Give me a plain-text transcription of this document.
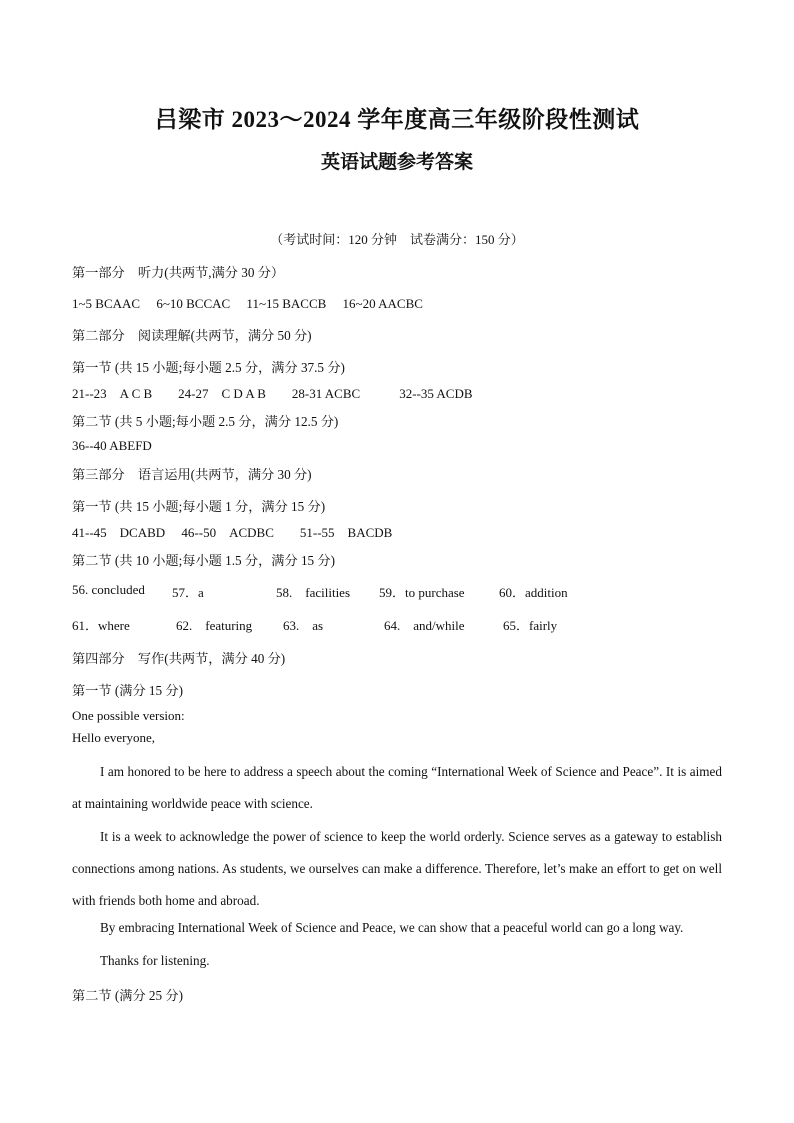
吕梁市 2023～2024 学年度高三年级阶段性测试
英语试题参考答案
（考试时间：120 分钟　试卷满分：150 分）
第一部分　听力(共两节,满分 30 分）
1~5 BCAAC　 6~10 BCCAC　 11~15 BACCB　 16~20 AACBC
第二部分　阅读理解(共两节，满分 50 分)
第一节 (共 15 小题;每小题 2.5 分，满分 37.5 分)
21--23　A C B　　24-27　C D A B　　28-31 ACBC　　　32--35 ACDB
第二节 (共 5 小题;每小题 2.5 分，满分 12.5 分)
36--40 ABEFD
第三部分　语言运用(共两节，满分 30 分)
第一节 (共 15 小题;每小题 1 分，满分 15 分)
41--45　DCABD　 46--50　ACDBC　　51--55　BACDB
第二节 (共 10 小题;每小题 1.5 分，满分 15 分)
56. concluded 57．a	58.　facilities 59．to purchase	60．addition
61．where	62.　featuring 63.　as	64.　and/while	65．fairly
第四部分　写作(共两节，满分 40 分)
第一节 (满分 15 分)
One possible version:
Hello everyone,
I am honored to be here to address a speech about the coming “International Week of Science and Peace”. It is aimed at maintaining worldwide peace with science.
It is a week to acknowledge the power of science to keep the world orderly. Science serves as a gateway to establish connections among nations. As students, we ourselves can make a difference. Therefore, let’s make an effort to get on well with friends both home and abroad.
By embracing International Week of Science and Peace, we can show that a peaceful world can go a long way.
Thanks for listening.
第二节 (满分 25 分)
